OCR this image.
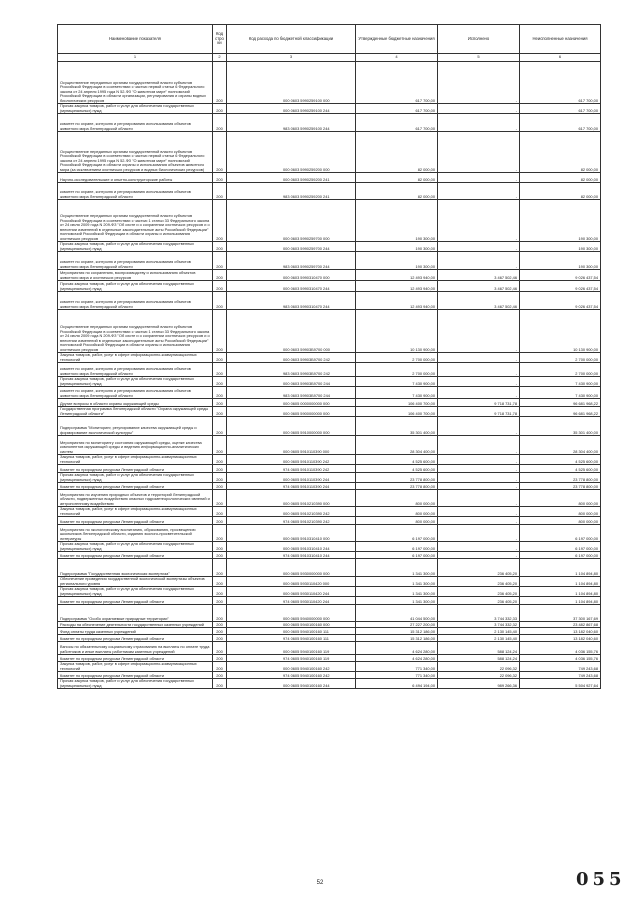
Наименование показателя	Код стро ки	Код расхода по бюджетной классификации	Утвержденные бюджетные назначения	Исполнено	Неисполненные назначения
1	2	3	4	5	6
Осуществление переданных органам государственной власти субъектов Российской Федерации в соответствии с частью первой статьи 6 Федерального закона от 24 апреля 1995 года N 52-ФЗ "О животном мире" полномочий Российской Федерации в области организации, регулирования и охраны водных биологических ресурсов	200	000 0603 5990259100 000	617 700,00	-	617 700,00
Прочая закупка товаров, работ и услуг для обеспечения государственных (муниципальных) нужд	200	000 0603 5990259100 244	617 700,00	-	617 700,00
комитет по охране, контролю и регулированию использования объектов животного мира Ленинградской области	200	983 0603 5990259100 244	617 700,00	-	617 700,00
Осуществление переданных органам государственной власти субъектов Российской Федерации в соответствии с частью первой статьи 6 Федерального закона от 24 апреля 1995 года N 52-ФЗ "О животном мире" полномочий Российской Федерации в области охраны и использования объектов животного мира (за исключением охотничьих ресурсов и водных биологических ресурсов)	200	000 0603 5990259200 000	82 000,00	-	82 000,00
Научно-исследовательские и опытно-конструкторские работы	200	000 0603 5990259200 241	82 000,00	-	82 000,00
комитет по охране, контролю и регулированию использования объектов животного мира Ленинградской области	200	983 0603 5990259200 241	82 000,00	-	82 000,00
Осуществление переданных органам государственной власти субъектов Российской Федерации в соответствии с частью 1 статьи 33 Федерального закона от 24 июля 2009 года N 209-ФЗ "Об охоте и о сохранении охотничьих ресурсов и о внесении изменений в отдельные законодательные акты Российской Федерации" полномочий Российской Федерации в области охраны и использования охотничьих ресурсов	200	000 0603 5990259700 000	190 300,00	-	190 300,00
Прочая закупка товаров, работ и услуг для обеспечения государственных (муниципальных) нужд	200	000 0603 5990259700 244	190 300,00	-	190 300,00
комитет по охране, контролю и регулированию использования объектов животного мира Ленинградской области	200	983 0603 5990259700 244	190 300,00	-	190 300,00
Мероприятия по сохранению, воспроизводству и использованию объектов животного мира и охотничьих ресурсов	200	000 0603 5990310470 000	12 493 940,00	3 467 502,46	9 026 437,54
Прочая закупка товаров, работ и услуг для обеспечения государственных (муниципальных) нужд	200	000 0603 5990310470 244	12 493 940,00	3 467 502,46	9 026 437,54
комитет по охране, контролю и регулированию использования объектов животного мира Ленинградской области	200	983 0603 5990310470 244	12 493 940,00	3 467 502,46	9 026 437,54
Осуществление переданных органам государственной власти субъектов Российской Федерации в соответствии с частью 1 статьи 33 Федерального закона от 24 июля 2009 года N 209-ФЗ "Об охоте и о сохранении охотничьих ресурсов и о внесении изменений в отдельные законодательные акты Российской Федерации" полномочий Российской Федерации в области охраны и использования охотничьих ресурсов	200	000 0603 59903Б9700 000	10 130 900,00	-	10 130 900,00
Закупка товаров, работ, услуг в сфере информационно-коммуникационных технологий	200	000 0603 59903Б9700 242	2 700 000,00	-	2 700 000,00
комитет по охране, контролю и регулированию использования объектов животного мира Ленинградской области	200	983 0603 59903Б9700 242	2 700 000,00	-	2 700 000,00
Прочая закупка товаров, работ и услуг для обеспечения государственных (муниципальных) нужд	200	000 0603 59903Б9700 244	7 430 900,00	-	7 430 900,00
комитет по охране, контролю и регулированию использования объектов животного мира Ленинградской области	200	983 0603 59903Б9700 244	7 430 900,00	-	7 430 900,00
Другие вопросы в области охраны окружающей среды	200	000 0605 0000000000 000	106 400 700,00	9 718 731,78	96 681 968,22
Государственная программа Ленинградской области "Охрана окружающей среды Ленинградской области"	200	000 0605 5900000000 000	106 400 700,00	9 718 731,78	96 681 968,22
Подпрограмма "Мониторинг, регулирование качества окружающей среды и формирование экологической культуры"	200	000 0605 5910000000 000	35 301 400,00	-	35 301 400,00
Мероприятия по мониторингу состояния окружающей среды, оценке качества компонентов окружающей среды и ведению информационно-аналитических систем	200	000 0605 5910110390 000	28 304 400,00	-	28 304 400,00
Закупка товаров, работ, услуг в сфере информационно-коммуникационных технологий	200	000 0605 5910110390 242	4 525 600,00	-	4 525 600,00
Комитет по природным ресурсам Ленинградской области	200	974 0605 5910110390 242	4 525 600,00	-	4 525 600,00
Прочая закупка товаров, работ и услуг для обеспечения государственных (муниципальных) нужд	200	000 0605 5910110390 244	23 778 800,00	-	23 778 800,00
Комитет по природным ресурсам Ленинградской области	200	974 0605 5910110390 244	23 778 800,00	-	23 778 800,00
Мероприятия по изучению природных объектов и территорий Ленинградской области, подверженных воздействию опасных гидрометеорологических явлений и антропогенному воздействию	200	000 0605 5910210390 000	800 000,00	-	800 000,00
Закупка товаров, работ, услуг в сфере информационно-коммуникационных технологий	200	000 0605 5910210390 242	800 000,00	-	800 000,00
Комитет по природным ресурсам Ленинградской области	200	974 0605 5910210390 242	800 000,00	-	800 000,00
Мероприятия по экологическому воспитанию, образованию, просвещению школьников Ленинградской области, изданию эколого-просветительской литературы	200	000 0605 5910310410 000	6 197 000,00	-	6 197 000,00
Прочая закупка товаров, работ и услуг для обеспечения государственных (муниципальных) нужд	200	000 0605 5910310410 244	6 197 000,00	-	6 197 000,00
Комитет по природным ресурсам Ленинградской области	200	974 0605 5910310410 244	6 197 000,00	-	6 197 000,00
Подпрограмма "Государственная экологическая экспертиза"	200	000 0605 5930000000 000	1 341 300,00	236 405,20	1 104 894,80
Обеспечение проведения государственной экологической экспертизы объектов регионального уровня	200	000 0605 5930110420 000	1 341 300,00	236 405,20	1 104 894,80
Прочая закупка товаров, работ и услуг для обеспечения государственных (муниципальных) нужд	200	000 0605 5930110420 244	1 341 300,00	236 405,20	1 104 894,80
Комитет по природным ресурсам Ленинградской области	200	974 0605 5930110420 244	1 341 300,00	236 405,20	1 104 894,80
Подпрограмма "Особо охраняемые природные территории"	200	000 0605 5940000000 000	41 044 500,00	3 744 332,33	37 300 167,69
Расходы на обеспечение деятельности государственных казенных учреждений	200	000 0605 5940100160 000	27 227 200,00	3 744 332,32	23 482 867,68
Фонд оплаты труда казенных учреждений	200	000 0605 5940100160 111	15 312 186,00	2 130 145,40	13 182 040,60
Комитет по природным ресурсам Ленинградской области	200	974 0605 5940100160 111	15 312 186,00	2 130 145,40	13 182 040,60
Взносы по обязательному социальному страхованию на выплаты по оплате труда работников и иные выплаты работникам казенных учреждений	200	000 0605 5940100160 119	4 624 280,00	588 124,24	4 036 155,76
Комитет по природным ресурсам Ленинградской области	200	974 0605 5940100160 119	4 624 280,00	588 124,24	4 036 155,76
Закупка товаров, работ, услуг в сфере информационно-коммуникационных технологий	200	000 0605 5940100160 242	771 340,00	22 096,32	749 243,68
Комитет по природным ресурсам Ленинградской области	200	974 0605 5940100160 242	771 340,00	22 096,32	749 243,68
Прочая закупка товаров, работ и услуг для обеспечения государственных (муниципальных) нужд	200	000 0605 5940100160 244	6 494 194,00	989 266,36	5 504 927,64
52	055
